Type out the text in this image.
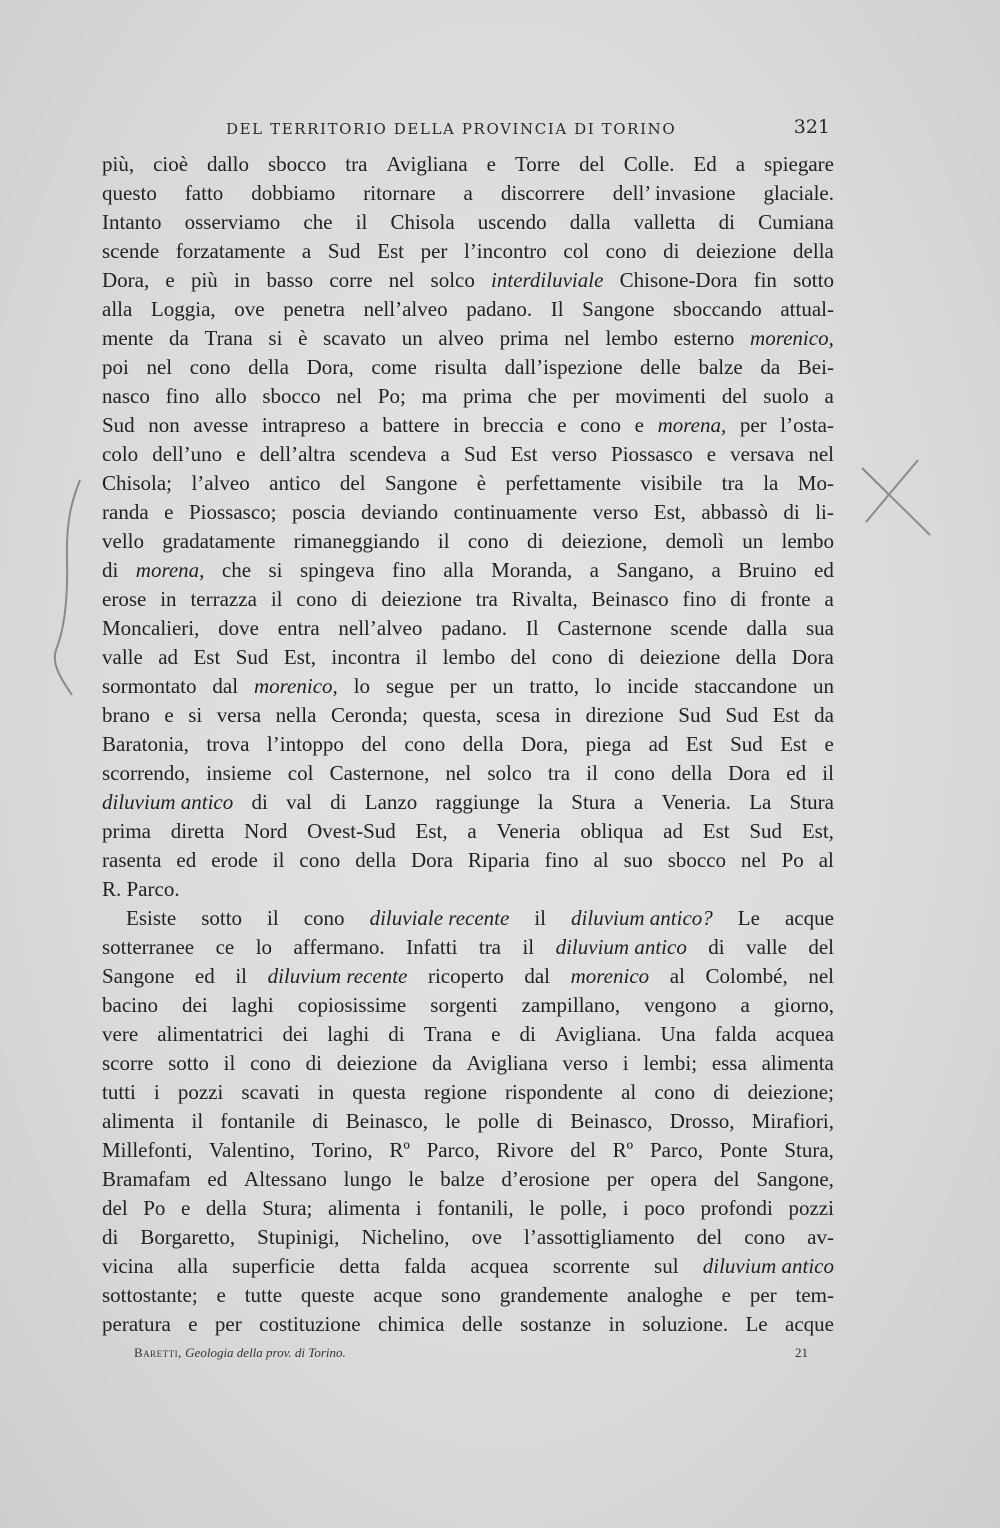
DEL TERRITORIO DELLA PROVINCIA DI TORINO	321
più, cioè dallo sbocco tra Avigliana e Torre del Colle. Ed a spiegare
questo fatto dobbiamo ritornare a discorrere dell’ invasione glaciale.
Intanto osserviamo che il Chisola uscendo dalla valletta di Cumiana
scende forzatamente a Sud Est per l’incontro col cono di deiezione della
Dora, e più in basso corre nel solco interdiluviale Chisone-Dora fin sotto
alla Loggia, ove penetra nell’alveo padano. Il Sangone sboccando attual-
mente da Trana si è scavato un alveo prima nel lembo esterno morenico,
poi nel cono della Dora, come risulta dall’ispezione delle balze da Bei-
nasco fino allo sbocco nel Po; ma prima che per movimenti del suolo a
Sud non avesse intrapreso a battere in breccia e cono e morena, per l’osta-
colo dell’uno e dell’altra scendeva a Sud Est verso Piossasco e versava nel
Chisola; l’alveo antico del Sangone è perfettamente visibile tra la Mo-
randa e Piossasco; poscia deviando continuamente verso Est, abbassò di li-
vello gradatamente rimaneggiando il cono di deiezione, demolì un lembo
di morena, che si spingeva fino alla Moranda, a Sangano, a Bruino ed
erose in terrazza il cono di deiezione tra Rivalta, Beinasco fino di fronte a
Moncalieri, dove entra nell’alveo padano. Il Casternone scende dalla sua
valle ad Est Sud Est, incontra il lembo del cono di deiezione della Dora
sormontato dal morenico, lo segue per un tratto, lo incide staccandone un
brano e si versa nella Ceronda; questa, scesa in direzione Sud Sud Est da
Baratonia, trova l’intoppo del cono della Dora, piega ad Est Sud Est e
scorrendo, insieme col Casternone, nel solco tra il cono della Dora ed il
diluvium antico di val di Lanzo raggiunge la Stura a Veneria. La Stura
prima diretta Nord Ovest-Sud Est, a Veneria obliqua ad Est Sud Est,
rasenta ed erode il cono della Dora Riparia fino al suo sbocco nel Po al
R. Parco.
Esiste sotto il cono diluviale recente il diluvium antico? Le acque
sotterranee ce lo affermano. Infatti tra il diluvium antico di valle del
Sangone ed il diluvium recente ricoperto dal morenico al Colombé, nel
bacino dei laghi copiosissime sorgenti zampillano, vengono a giorno,
vere alimentatrici dei laghi di Trana e di Avigliana. Una falda acquea
scorre sotto il cono di deiezione da Avigliana verso i lembi; essa alimenta
tutti i pozzi scavati in questa regione rispondente al cono di deiezione;
alimenta il fontanile di Beinasco, le polle di Beinasco, Drosso, Mirafiori,
Millefonti, Valentino, Torino, Rº Parco, Rivore del Rº Parco, Ponte Stura,
Bramafam ed Altessano lungo le balze d’erosione per opera del Sangone,
del Po e della Stura; alimenta i fontanili, le polle, i poco profondi pozzi
di Borgaretto, Stupinigi, Nichelino, ove l’assottigliamento del cono av-
vicina alla superficie detta falda acquea scorrente sul diluvium antico
sottostante; e tutte queste acque sono grandemente analoghe e per tem-
peratura e per costituzione chimica delle sostanze in soluzione. Le acque
Baretti, Geologia della prov. di Torino.	21
